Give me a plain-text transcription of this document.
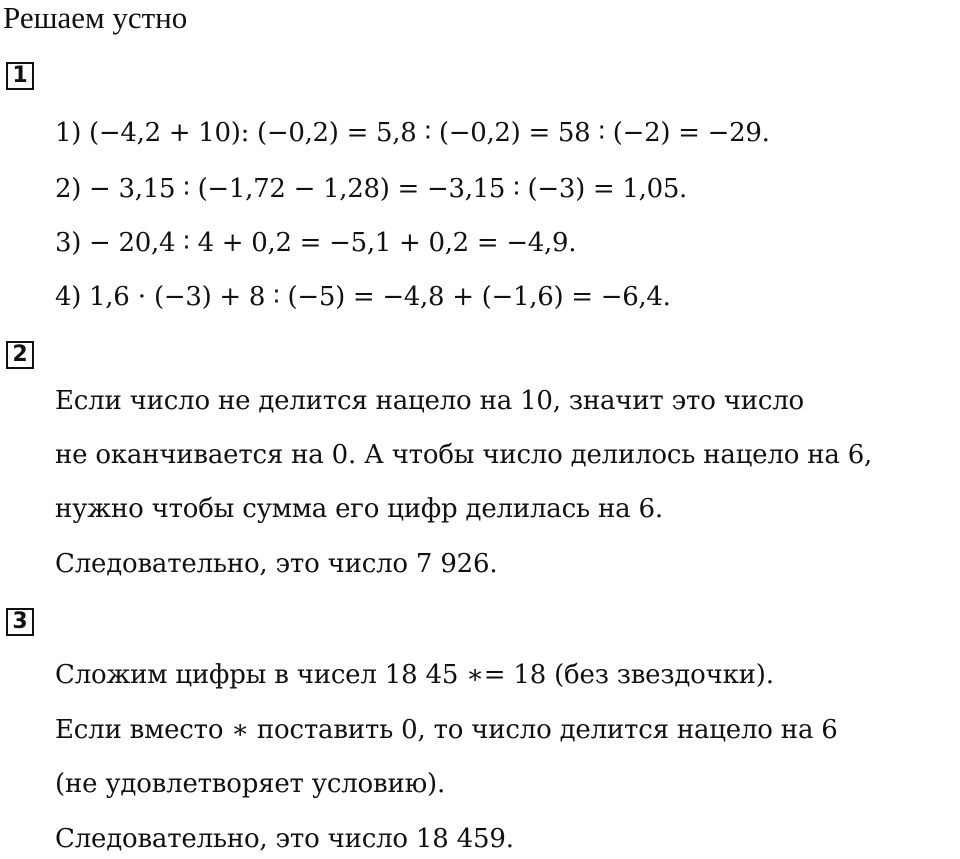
Решаем устно
1
1) (−4,2 + 10): (−0,2) = 5,8 ∶ (−0,2) = 58 ∶ (−2) = −29.
2) − 3,15 ∶ (−1,72 − 1,28) = −3,15 ∶ (−3) = 1,05.
3) − 20,4 ∶ 4 + 0,2 = −5,1 + 0,2 = −4,9.
4) 1,6 ⋅ (−3) + 8 ∶ (−5) = −4,8 + (−1,6) = −6,4.
2
Если число не делится нацело на 10, значит это число
не оканчивается на 0. А чтобы число делилось нацело на 6,
нужно чтобы сумма его цифр делилась на 6.
Следовательно, это число 7 926.
3
Сложим цифры в чисел 18 45 ∗= 18 (без звездочки).
Если вместо ∗ поставить 0, то число делится нацело на 6
(не удовлетворяет условию).
Следовательно, это число 18 459.
